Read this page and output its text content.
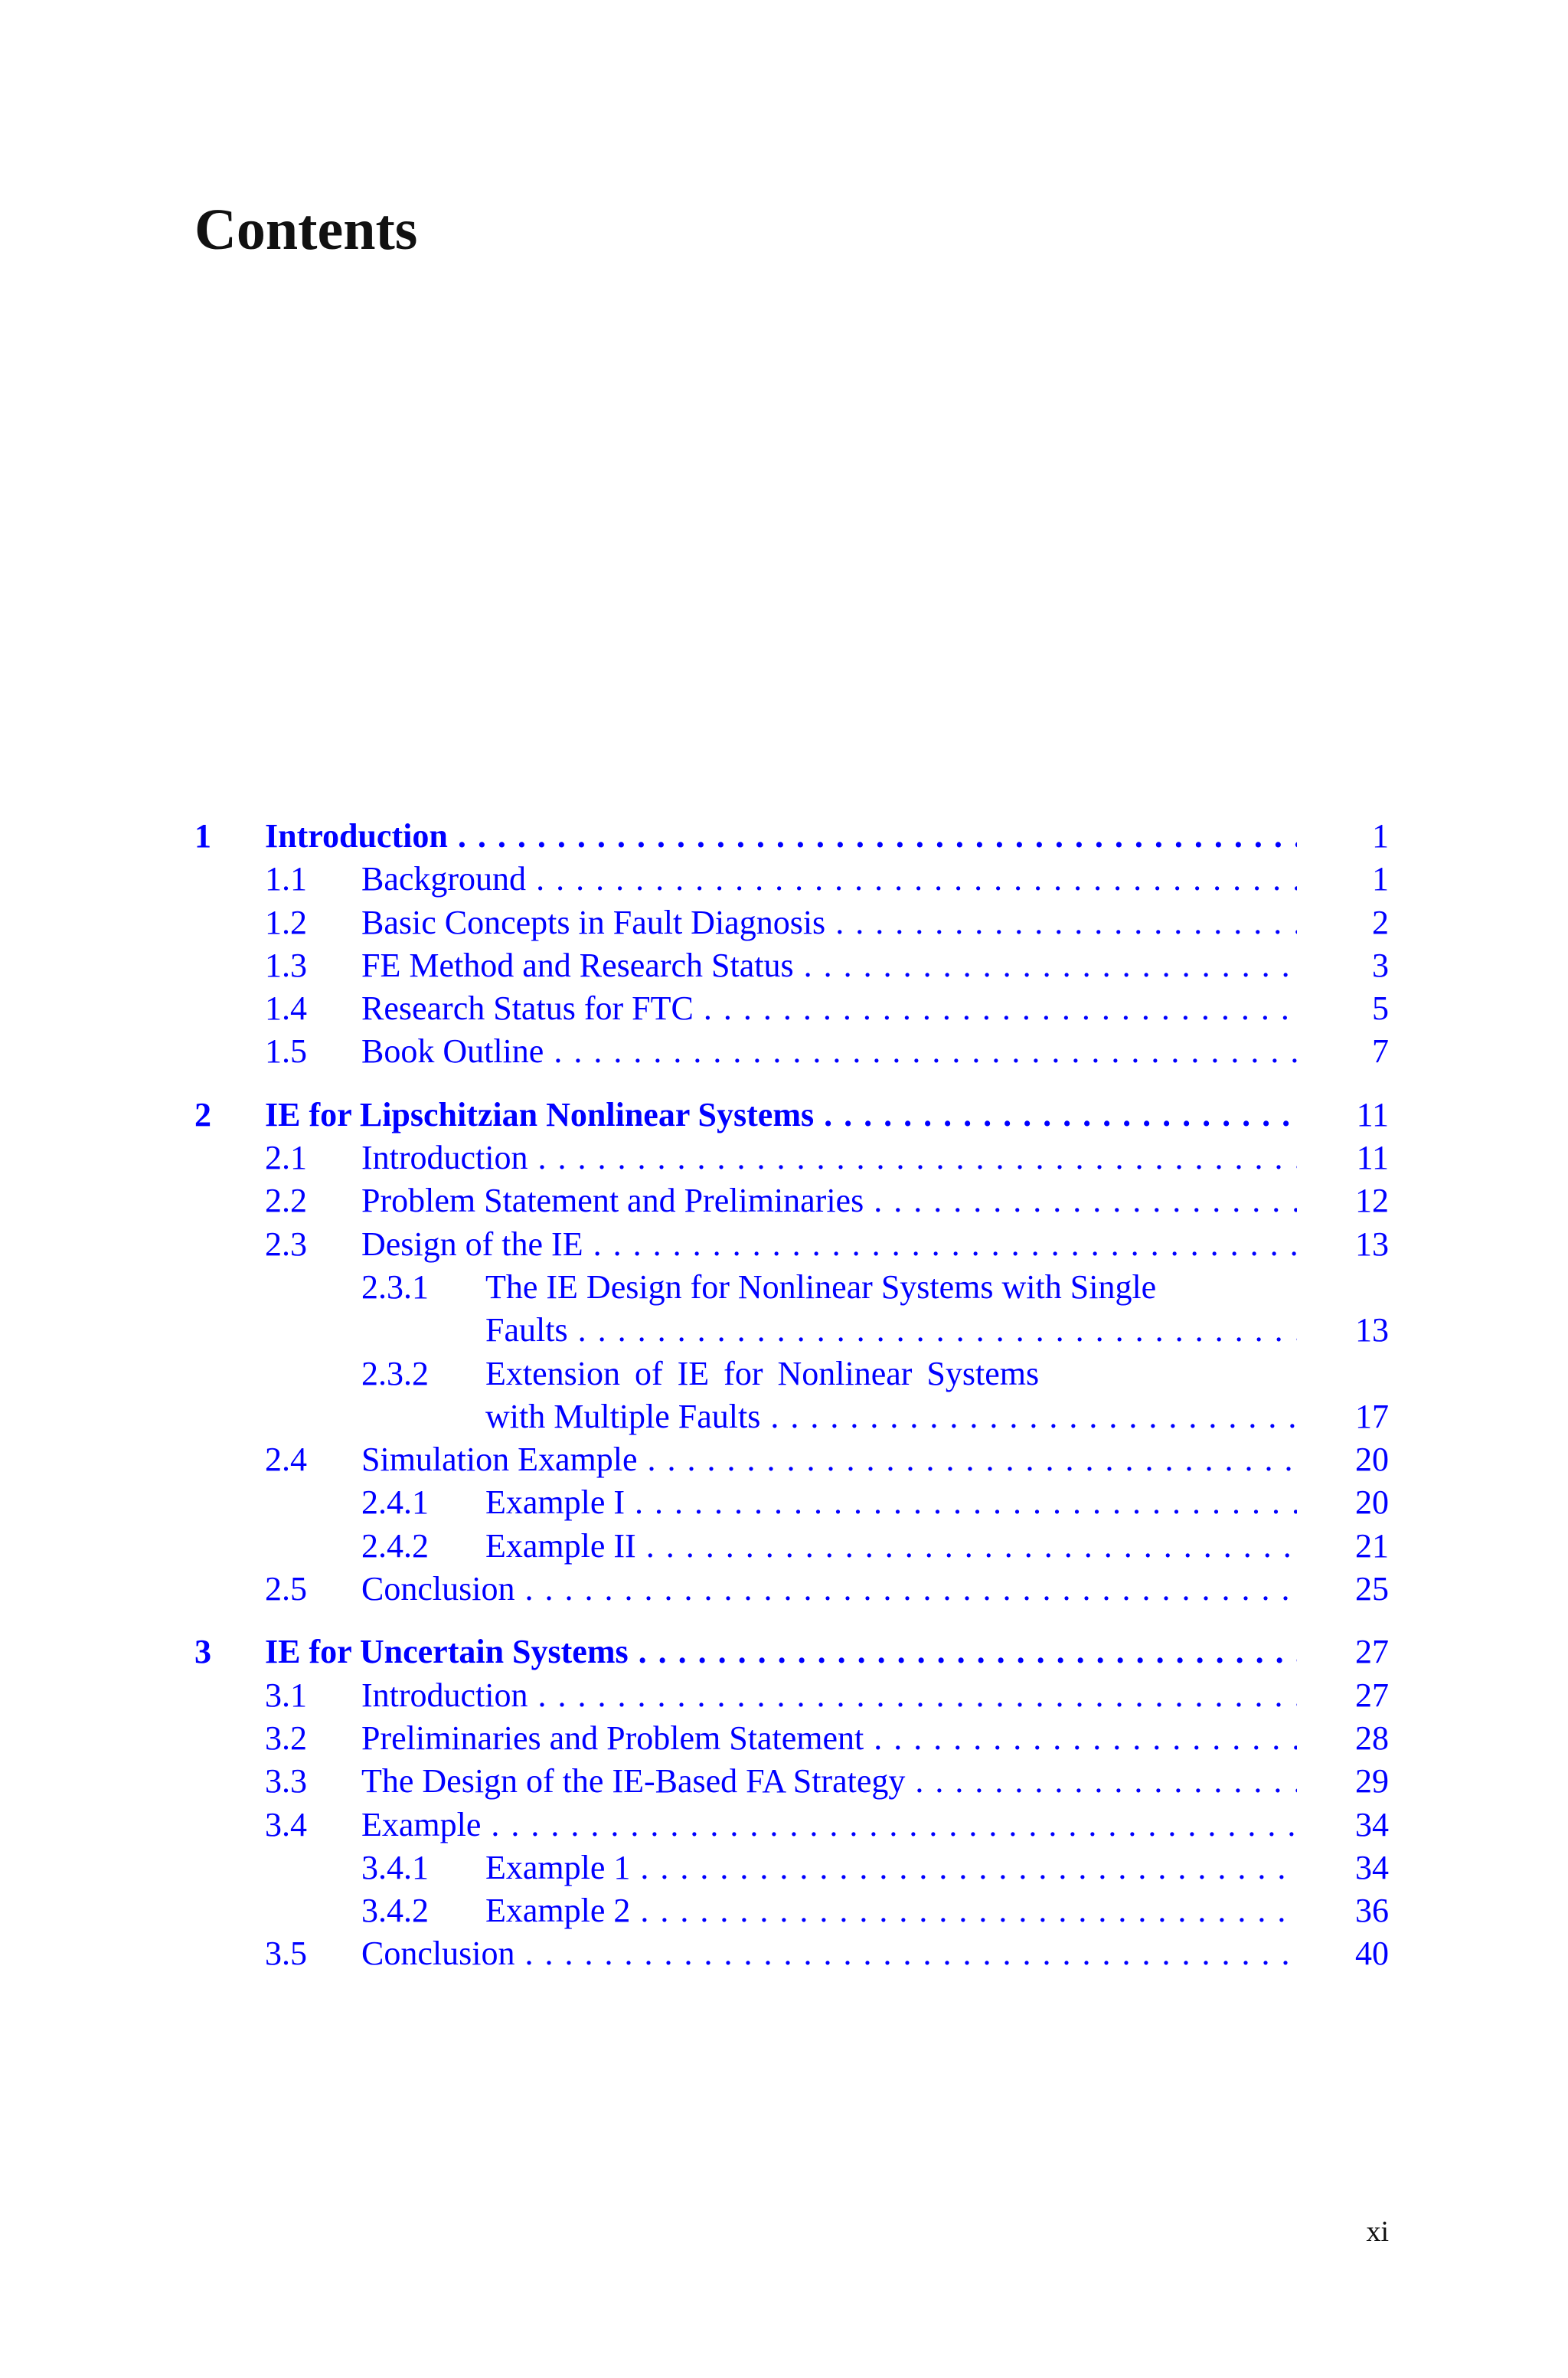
Contents
1 Introduction . . .	1
1.1 Background . . .	1
1.2 Basic Concepts in Fault Diagnosis . . .	2
1.3 FE Method and Research Status . . .	3
1.4 Research Status for FTC . . .	5
1.5 Book Outline . . .	7
2 IE for Lipschitzian Nonlinear Systems . . .	11
2.1 Introduction . . .	11
2.2 Problem Statement and Preliminaries . . .	12
2.3 Design of the IE . . .	13
2.3.1 The IE Design for Nonlinear Systems with Single
Faults . . .	13
2.3.2 Extension of IE for Nonlinear Systems
with Multiple Faults . . .	17
2.4 Simulation Example . . .	20
2.4.1 Example I . . .	20
2.4.2 Example II . . .	21
2.5 Conclusion . . .	25
3 IE for Uncertain Systems . . .	27
3.1 Introduction . . .	27
3.2 Preliminaries and Problem Statement . . .	28
3.3 The Design of the IE-Based FA Strategy . . .	29
3.4 Example . . .	34
3.4.1 Example 1 . . .	34
3.4.2 Example 2 . . .	36
3.5 Conclusion . . .	40
xi
